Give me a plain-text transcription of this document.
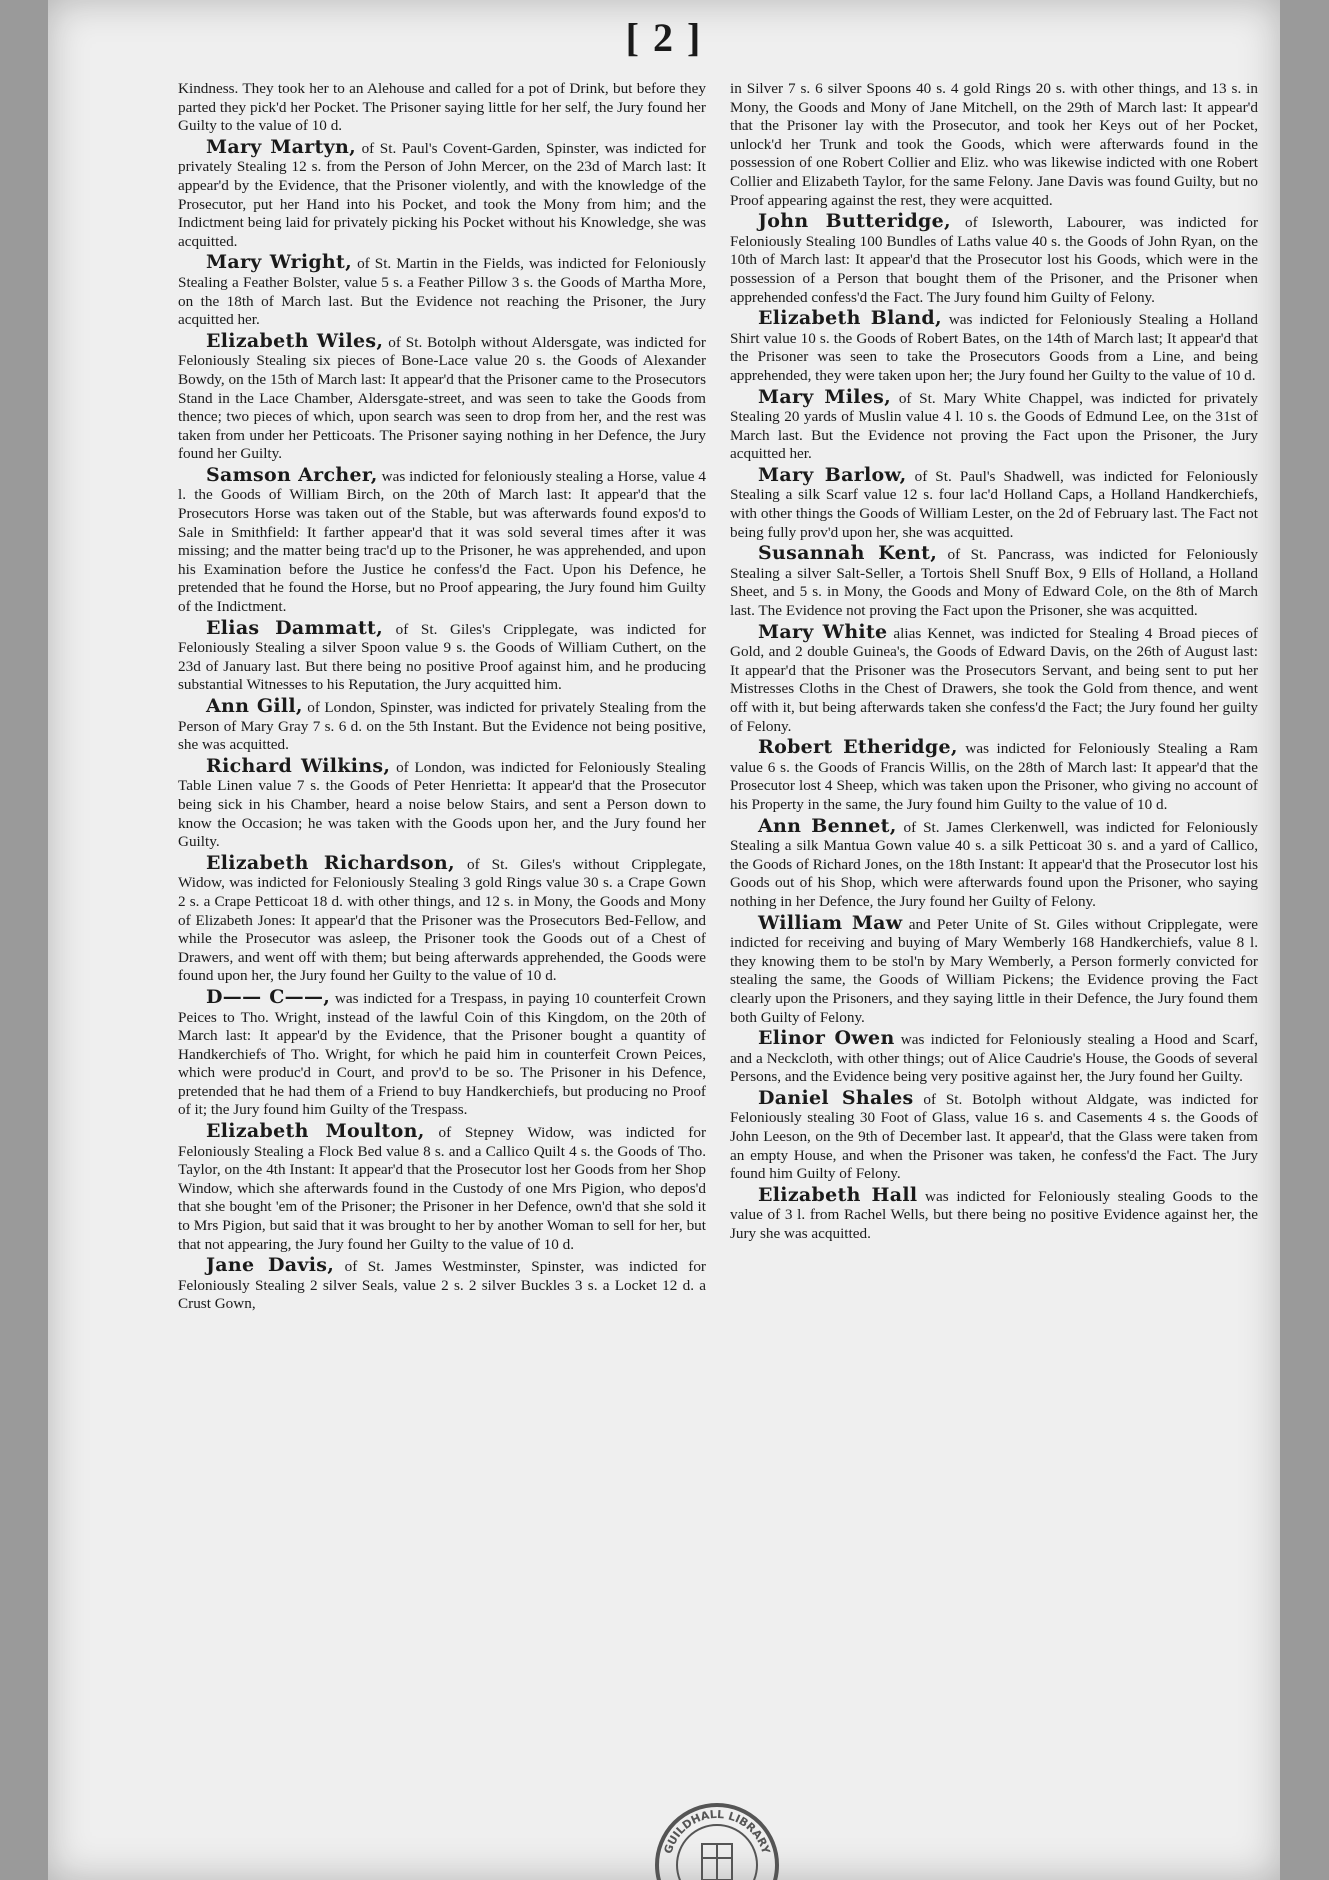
[ 2 ]

Kindness. They took her to an Alehouse and called for a pot of Drink, but before they parted they pick'd her Pocket. The Prisoner saying little for her self, the Jury found her Guilty to the value of 10 d.

Mary Martyn, of St. Paul's Covent-Garden, Spinster, was indicted for privately Stealing 12 s. from the Person of John Mercer, on the 23d of March last: It appear'd by the Evidence, that the Prisoner violently, and with the knowledge of the Prosecutor, put her Hand into his Pocket, and took the Mony from him; and the Indictment being laid for privately picking his Pocket without his Knowledge, she was acquitted.

Mary Wright, of St. Martin in the Fields, was indicted for Feloniously Stealing a Feather Bolster, value 5 s. a Feather Pillow 3 s. the Goods of Martha More, on the 18th of March last. But the Evidence not reaching the Prisoner, the Jury acquitted her.

Elizabeth Wiles, of St. Botolph without Aldersgate, was indicted for Feloniously Stealing six pieces of Bone-Lace value 20 s. the Goods of Alexander Bowdy, on the 15th of March last: It appear'd that the Prisoner came to the Prosecutors Stand in the Lace Chamber, Aldersgate-street, and was seen to take the Goods from thence; two pieces of which, upon search was seen to drop from her, and the rest was taken from under her Petticoats. The Prisoner saying nothing in her Defence, the Jury found her Guilty.

Samson Archer, was indicted for feloniously stealing a Horse, value 4 l. the Goods of William Birch, on the 20th of March last: It appear'd that the Prosecutors Horse was taken out of the Stable, but was afterwards found expos'd to Sale in Smithfield: It farther appear'd that it was sold several times after it was missing; and the matter being trac'd up to the Prisoner, he was apprehended, and upon his Examination before the Justice he confess'd the Fact. Upon his Defence, he pretended that he found the Horse, but no Proof appearing, the Jury found him Guilty of the Indictment.

Elias Dammatt, of St. Giles's Cripplegate, was indicted for Feloniously Stealing a silver Spoon value 9 s. the Goods of William Cuthert, on the 23d of January last. But there being no positive Proof against him, and he producing substantial Witnesses to his Reputation, the Jury acquitted him.

Ann Gill, of London, Spinster, was indicted for privately Stealing from the Person of Mary Gray 7 s. 6 d. on the 5th Instant. But the Evidence not being positive, she was acquitted.

Richard Wilkins, of London, was indicted for Feloniously Stealing Table Linen value 7 s. the Goods of Peter Henrietta: It appear'd that the Prosecutor being sick in his Chamber, heard a noise below Stairs, and sent a Person down to know the Occasion; he was taken with the Goods upon her, and the Jury found her Guilty.

Elizabeth Richardson, of St. Giles's without Cripplegate, Widow, was indicted for Feloniously Stealing 3 gold Rings value 30 s. a Crape Gown 2 s. a Crape Petticoat 18 d. with other things, and 12 s. in Mony, the Goods and Mony of Elizabeth Jones: It appear'd that the Prisoner was the Prosecutors Bed-Fellow, and while the Prosecutor was asleep, the Prisoner took the Goods out of a Chest of Drawers, and went off with them; but being afterwards apprehended, the Goods were found upon her, the Jury found her Guilty to the value of 10 d.

D—— C——, was indicted for a Trespass, in paying 10 counterfeit Crown Peices to Tho. Wright, instead of the lawful Coin of this Kingdom, on the 20th of March last: It appear'd by the Evidence, that the Prisoner bought a quantity of Handkerchiefs of Tho. Wright, for which he paid him in counterfeit Crown Peices, which were produc'd in Court, and prov'd to be so. The Prisoner in his Defence, pretended that he had them of a Friend to buy Handkerchiefs, but producing no Proof of it; the Jury found him Guilty of the Trespass.

Elizabeth Moulton, of Stepney Widow, was indicted for Feloniously Stealing a Flock Bed value 8 s. and a Callico Quilt 4 s. the Goods of Tho. Taylor, on the 4th Instant: It appear'd that the Prosecutor lost her Goods from her Shop Window, which she afterwards found in the Custody of one Mrs Pigion, who depos'd that she bought 'em of the Prisoner; the Prisoner in her Defence, own'd that she sold it to Mrs Pigion, but said that it was brought to her by another Woman to sell for her, but that not appearing, the Jury found her Guilty to the value of 10 d.

Jane Davis, of St. James Westminster, Spinster, was indicted for Feloniously Stealing 2 silver Seals, value 2 s. 2 silver Buckles 3 s. a Locket 12 d. a Crust Gown,

in Silver 7 s. 6 silver Spoons 40 s. 4 gold Rings 20 s. with other things, and 13 s. in Mony, the Goods and Mony of Jane Mitchell, on the 29th of March last: It appear'd that the Prisoner lay with the Prosecutor, and took her Keys out of her Pocket, unlock'd her Trunk and took the Goods, which were afterwards found in the possession of one Robert Collier and Eliz. who was likewise indicted with one Robert Collier and Elizabeth Taylor, for the same Felony. Jane Davis was found Guilty, but no Proof appearing against the rest, they were acquitted.

John Butteridge, of Isleworth, Labourer, was indicted for Feloniously Stealing 100 Bundles of Laths value 40 s. the Goods of John Ryan, on the 10th of March last: It appear'd that the Prosecutor lost his Goods, which were in the possession of a Person that bought them of the Prisoner, and the Prisoner when apprehended confess'd the Fact. The Jury found him Guilty of Felony.

Elizabeth Bland, was indicted for Feloniously Stealing a Holland Shirt value 10 s. the Goods of Robert Bates, on the 14th of March last; It appear'd that the Prisoner was seen to take the Prosecutors Goods from a Line, and being apprehended, they were taken upon her; the Jury found her Guilty to the value of 10 d.

Mary Miles, of St. Mary White Chappel, was indicted for privately Stealing 20 yards of Muslin value 4 l. 10 s. the Goods of Edmund Lee, on the 31st of March last. But the Evidence not proving the Fact upon the Prisoner, the Jury acquitted her.

Mary Barlow, of St. Paul's Shadwell, was indicted for Feloniously Stealing a silk Scarf value 12 s. four lac'd Holland Caps, a Holland Handkerchiefs, with other things the Goods of William Lester, on the 2d of February last. The Fact not being fully prov'd upon her, she was acquitted.

Susannah Kent, of St. Pancrass, was indicted for Feloniously Stealing a silver Salt-Seller, a Tortois Shell Snuff Box, 9 Ells of Holland, a Holland Sheet, and 5 s. in Mony, the Goods and Mony of Edward Cole, on the 8th of March last. The Evidence not proving the Fact upon the Prisoner, she was acquitted.

Mary White alias Kennet, was indicted for Stealing 4 Broad pieces of Gold, and 2 double Guinea's, the Goods of Edward Davis, on the 26th of August last: It appear'd that the Prisoner was the Prosecutors Servant, and being sent to put her Mistresses Cloths in the Chest of Drawers, she took the Gold from thence, and went off with it, but being afterwards taken she confess'd the Fact; the Jury found her guilty of Felony.

Robert Etheridge, was indicted for Feloniously Stealing a Ram value 6 s. the Goods of Francis Willis, on the 28th of March last: It appear'd that the Prosecutor lost 4 Sheep, which was taken upon the Prisoner, who giving no account of his Property in the same, the Jury found him Guilty to the value of 10 d.

Ann Bennet, of St. James Clerkenwell, was indicted for Feloniously Stealing a silk Mantua Gown value 40 s. a silk Petticoat 30 s. and a yard of Callico, the Goods of Richard Jones, on the 18th Instant: It appear'd that the Prosecutor lost his Goods out of his Shop, which were afterwards found upon the Prisoner, who saying nothing in her Defence, the Jury found her Guilty of Felony.

William Maw and Peter Unite of St. Giles without Cripplegate, were indicted for receiving and buying of Mary Wemberly 168 Handkerchiefs, value 8 l. they knowing them to be stol'n by Mary Wemberly, a Person formerly convicted for stealing the same, the Goods of William Pickens; the Evidence proving the Fact clearly upon the Prisoners, and they saying little in their Defence, the Jury found them both Guilty of Felony.

Elinor Owen was indicted for Feloniously stealing a Hood and Scarf, and a Neckcloth, with other things; out of Alice Caudrie's House, the Goods of several Persons, and the Evidence being very positive against her, the Jury found her Guilty.

Daniel Shales of St. Botolph without Aldgate, was indicted for Feloniously stealing 30 Foot of Glass, value 16 s. and Casements 4 s. the Goods of John Leeson, on the 9th of December last. It appear'd, that the Glass were taken from an empty House, and when the Prisoner was taken, he confess'd the Fact. The Jury found him Guilty of Felony.

Elizabeth Hall was indicted for Feloniously stealing Goods to the value of 3 l. from Rachel Wells, but there being no positive Evidence against her, the Jury she was acquitted.

GUILDHALL LIBRARY
